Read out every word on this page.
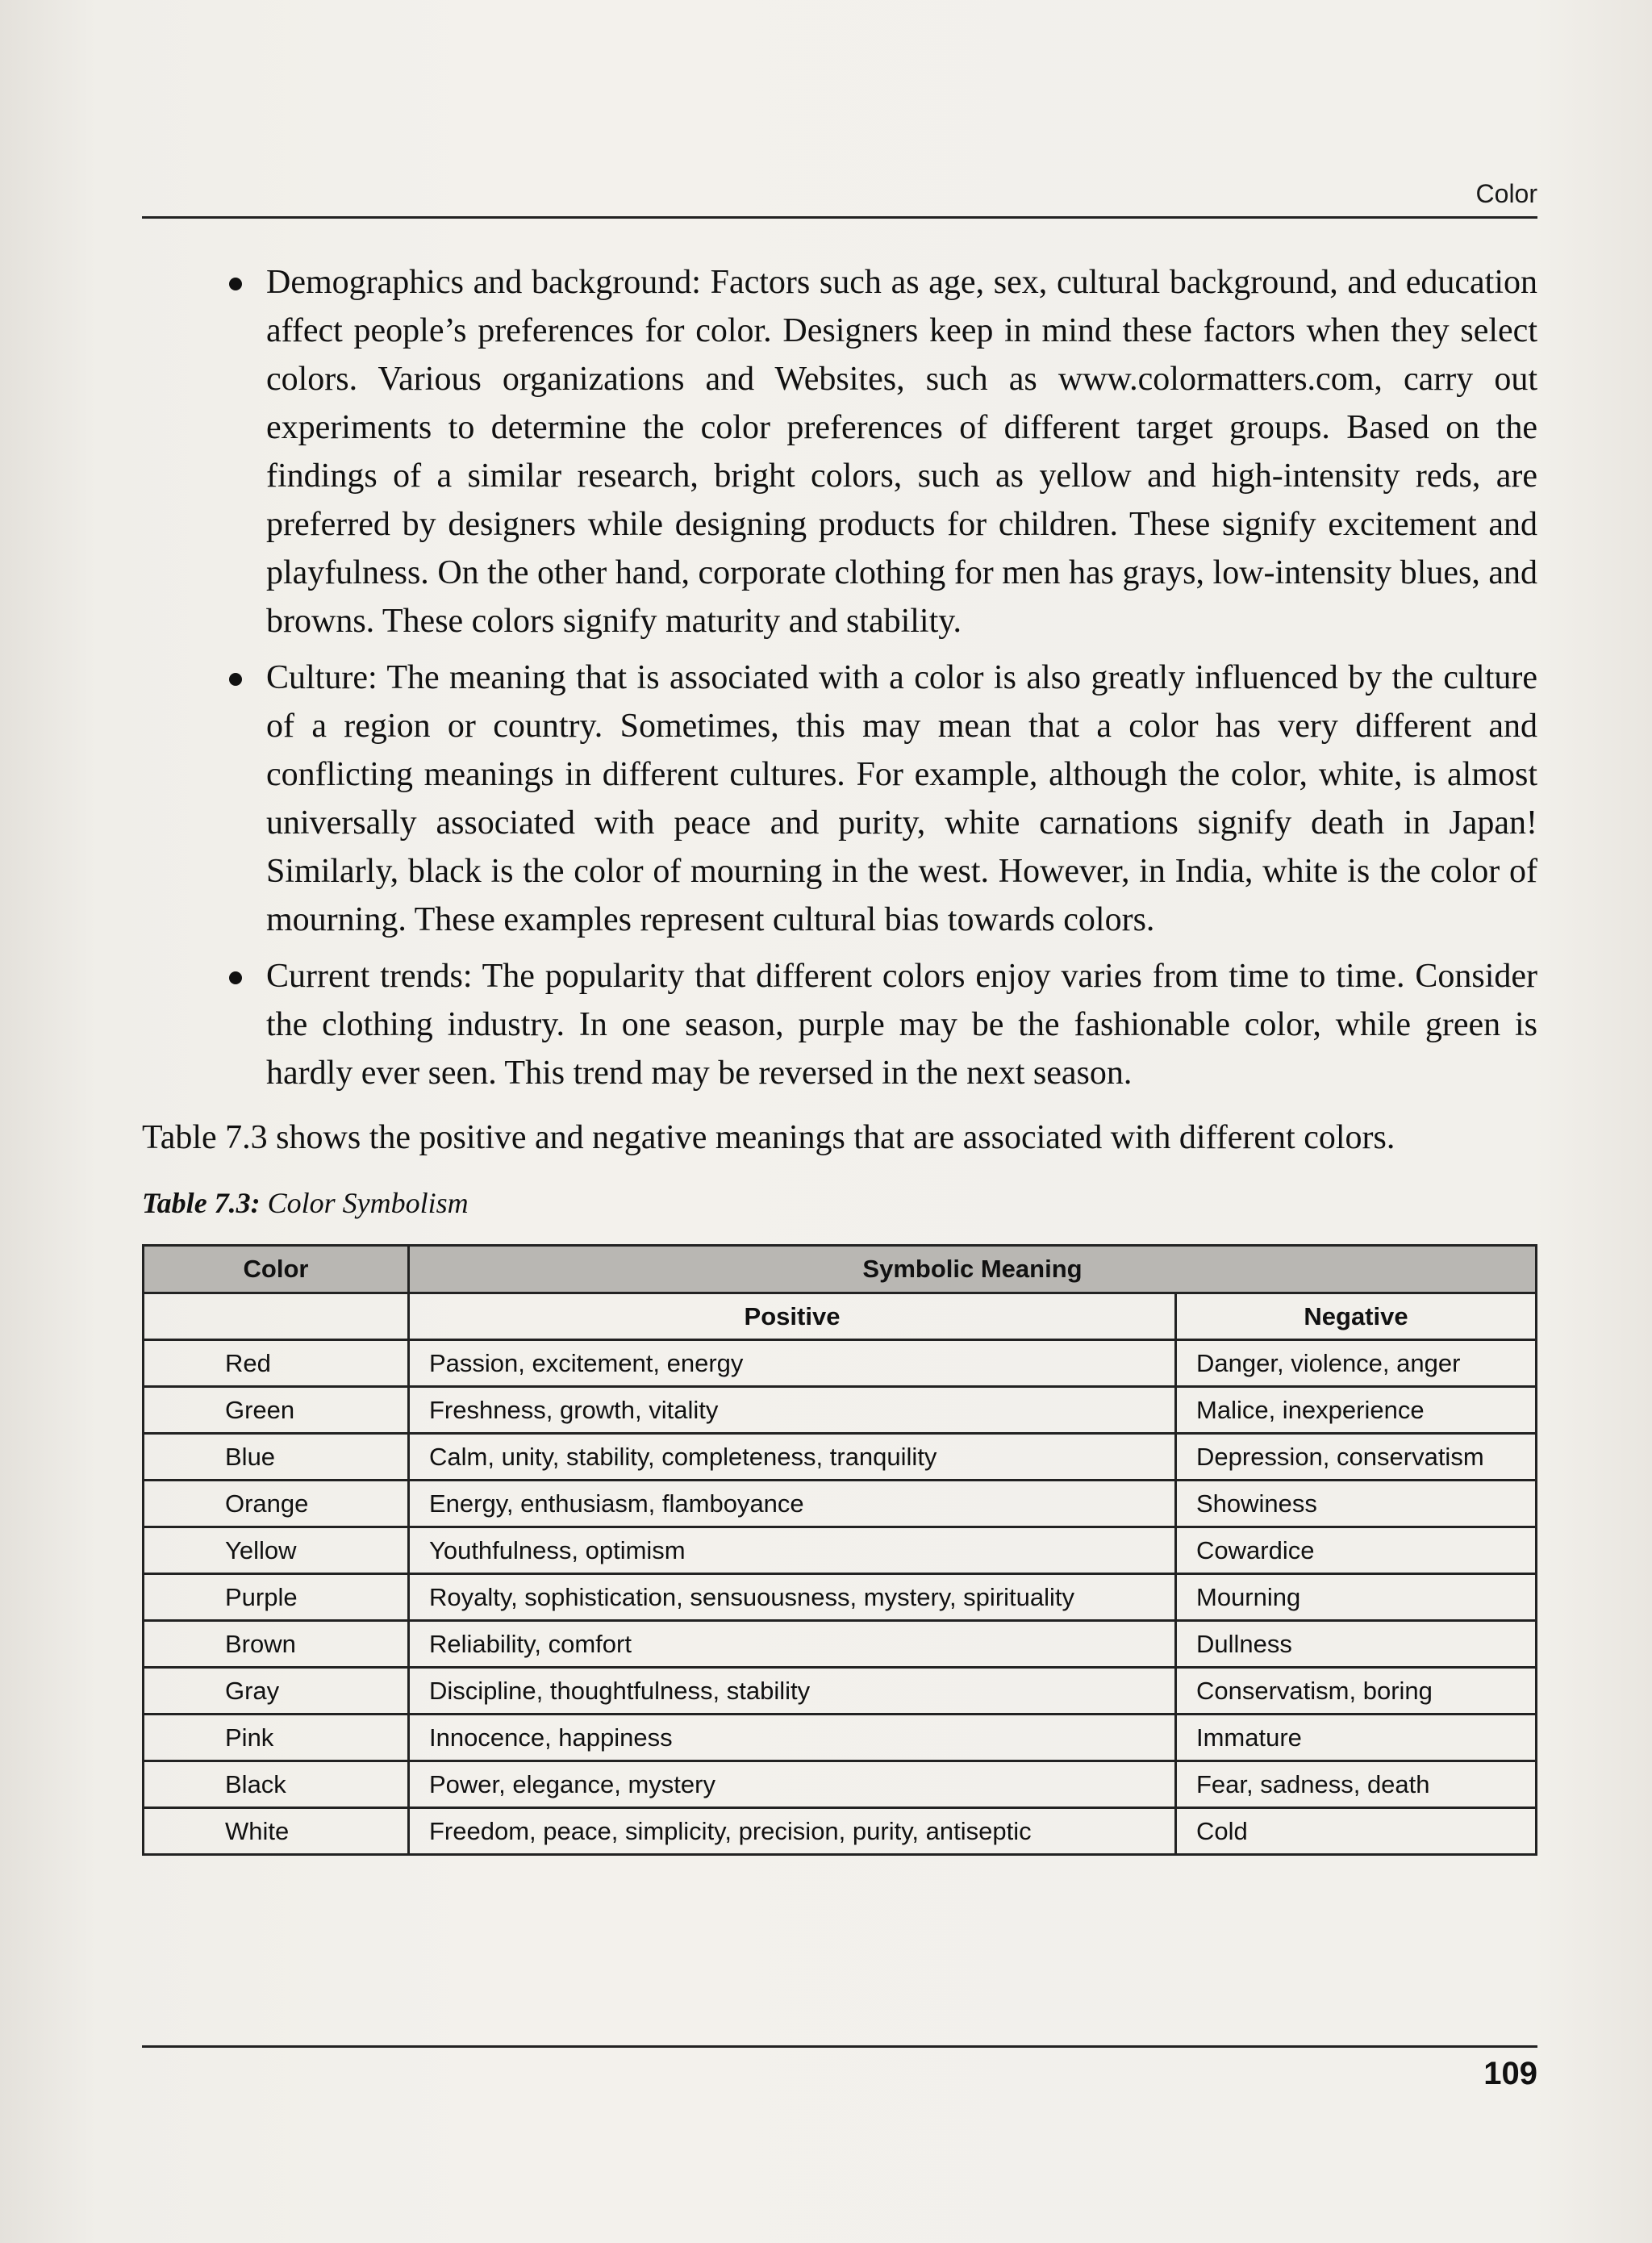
Color
Demographics and background: Factors such as age, sex, cultural background, and education affect people’s preferences for color. Designers keep in mind these factors when they select colors. Various organizations and Websites, such as www.colormatters.com, carry out experiments to determine the color preferences of different target groups. Based on the findings of a similar research, bright colors, such as yellow and high-intensity reds, are preferred by designers while designing products for children. These signify excitement and playfulness. On the other hand, corporate clothing for men has grays, low-intensity blues, and browns. These colors signify maturity and stability.
Culture: The meaning that is associated with a color is also greatly influenced by the culture of a region or country. Sometimes, this may mean that a color has very different and conflicting meanings in different cultures. For example, although the color, white, is almost universally associated with peace and purity, white carnations signify death in Japan! Similarly, black is the color of mourning in the west. However, in India, white is the color of mourning. These examples represent cultural bias towards colors.
Current trends: The popularity that different colors enjoy varies from time to time. Consider the clothing industry. In one season, purple may be the fashionable color, while green is hardly ever seen. This trend may be reversed in the next season.
Table 7.3 shows the positive and negative meanings that are associated with different colors.
Table 7.3: Color Symbolism
Color	Symbolic Meaning	
	Positive	Negative
Red	Passion, excitement, energy	Danger, violence, anger
Green	Freshness, growth, vitality	Malice, inexperience
Blue	Calm, unity, stability, completeness, tranquility	Depression, conservatism
Orange	Energy, enthusiasm, flamboyance	Showiness
Yellow	Youthfulness, optimism	Cowardice
Purple	Royalty, sophistication, sensuousness, mystery, spirituality	Mourning
Brown	Reliability, comfort	Dullness
Gray	Discipline, thoughtfulness, stability	Conservatism, boring
Pink	Innocence, happiness	Immature
Black	Power, elegance, mystery	Fear, sadness, death
White	Freedom, peace, simplicity, precision, purity, antiseptic	Cold
109
